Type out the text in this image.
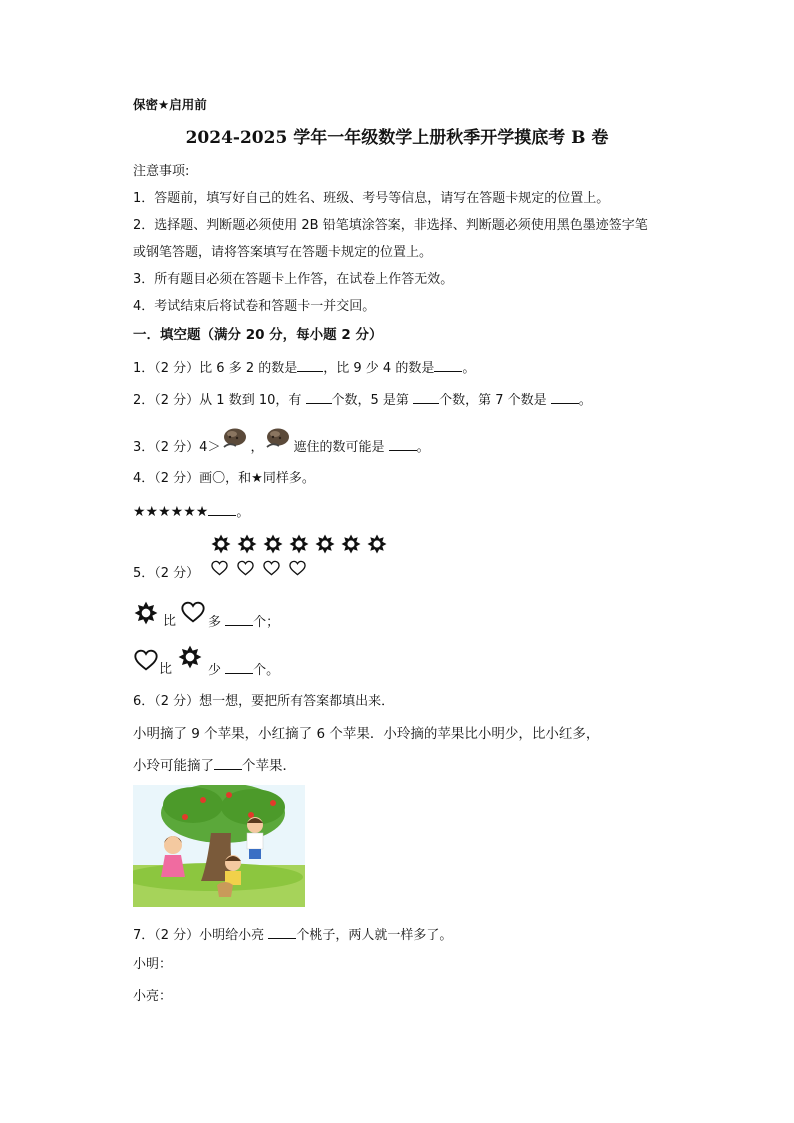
保密★启用前
2024-2025 学年一年级数学上册秋季开学摸底考 B 卷
注意事项:
1．答题前，填写好自己的姓名、班级、考号等信息，请写在答题卡规定的位置上。
2．选择题、判断题必须使用 2B 铅笔填涂答案，非选择、判断题必须使用黑色墨迹签字笔
或钢笔答题，请将答案填写在答题卡规定的位置上。
3．所有题目必须在答题卡上作答，在试卷上作答无效。
4．考试结束后将试卷和答题卡一并交回。
一．填空题（满分 20 分，每小题 2 分）
1．（2 分）比 6 多 2 的数是 ，比 9 少 4 的数是 。
2．（2 分）从 1 数到 10，有 个数，5 是第 个数，第 7 个数是 。
3．（2 分）4＞ ， 遮住的数可能是 。
4．（2 分）画〇，和★同样多。
★★★★★★ 。
5．（2 分）
比 多 个；
比	少 个。
6．（2 分）想一想，要把所有答案都填出来．
小明摘了 9 个苹果，小红摘了 6 个苹果．小玲摘的苹果比小明少，比小红多，
小玲可能摘了 个苹果．
7．（2 分）小明给小亮 个桃子，两人就一样多了。
小明：
小亮：
